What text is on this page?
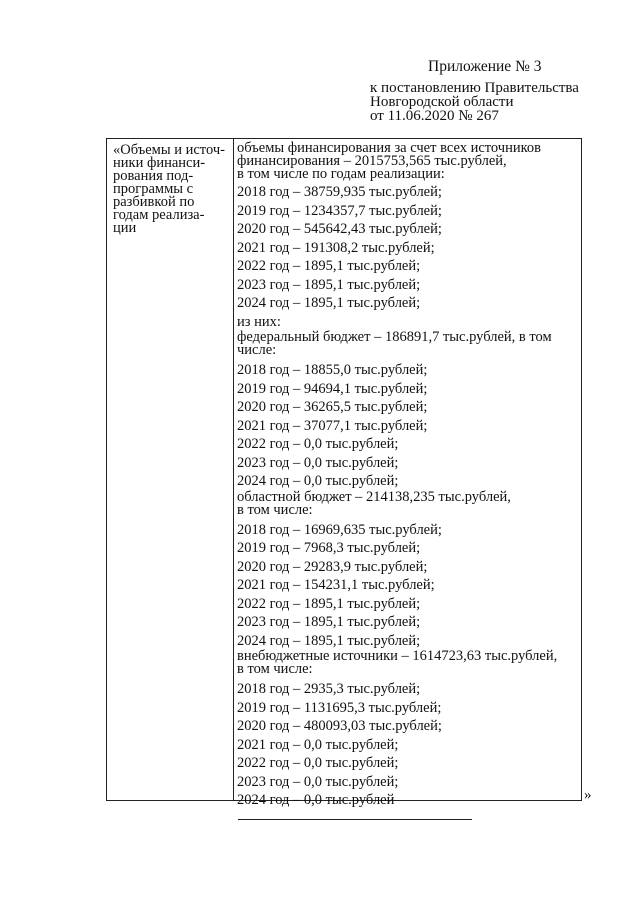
Приложение № 3
к постановлению Правительства
Новгородской области
от 11.06.2020 № 267
«Объемы и источ-
ники финанси-
рования под-
программы с
разбивкой по
годам реализа-
ции
объемы финансирования за счет всех источников
финансирования – 2015753,565 тыс.рублей,
в том числе по годам реализации:
2018 год – 38759,935 тыс.рублей;
2019 год – 1234357,7 тыс.рублей;
2020 год – 545642,43 тыс.рублей;
2021 год – 191308,2 тыс.рублей;
2022 год – 1895,1 тыс.рублей;
2023 год – 1895,1 тыс.рублей;
2024 год – 1895,1 тыс.рублей;
из них:
федеральный бюджет – 186891,7 тыс.рублей, в том
числе:
2018 год – 18855,0 тыс.рублей;
2019 год – 94694,1 тыс.рублей;
2020 год – 36265,5 тыс.рублей;
2021 год – 37077,1 тыс.рублей;
2022 год – 0,0 тыс.рублей;
2023 год – 0,0 тыс.рублей;
2024 год – 0,0 тыс.рублей;
областной бюджет – 214138,235 тыс.рублей,
в том числе:
2018 год – 16969,635 тыс.рублей;
2019 год – 7968,3 тыс.рублей;
2020 год – 29283,9 тыс.рублей;
2021 год – 154231,1 тыс.рублей;
2022 год – 1895,1 тыс.рублей;
2023 год – 1895,1 тыс.рублей;
2024 год – 1895,1 тыс.рублей;
внебюджетные источники – 1614723,63 тыс.рублей,
в том числе:
2018 год – 2935,3 тыс.рублей;
2019 год – 1131695,3 тыс.рублей;
2020 год – 480093,03 тыс.рублей;
2021 год – 0,0 тыс.рублей;
2022 год – 0,0 тыс.рублей;
2023 год – 0,0 тыс.рублей;
2024 год – 0,0 тыс.рублей	»
